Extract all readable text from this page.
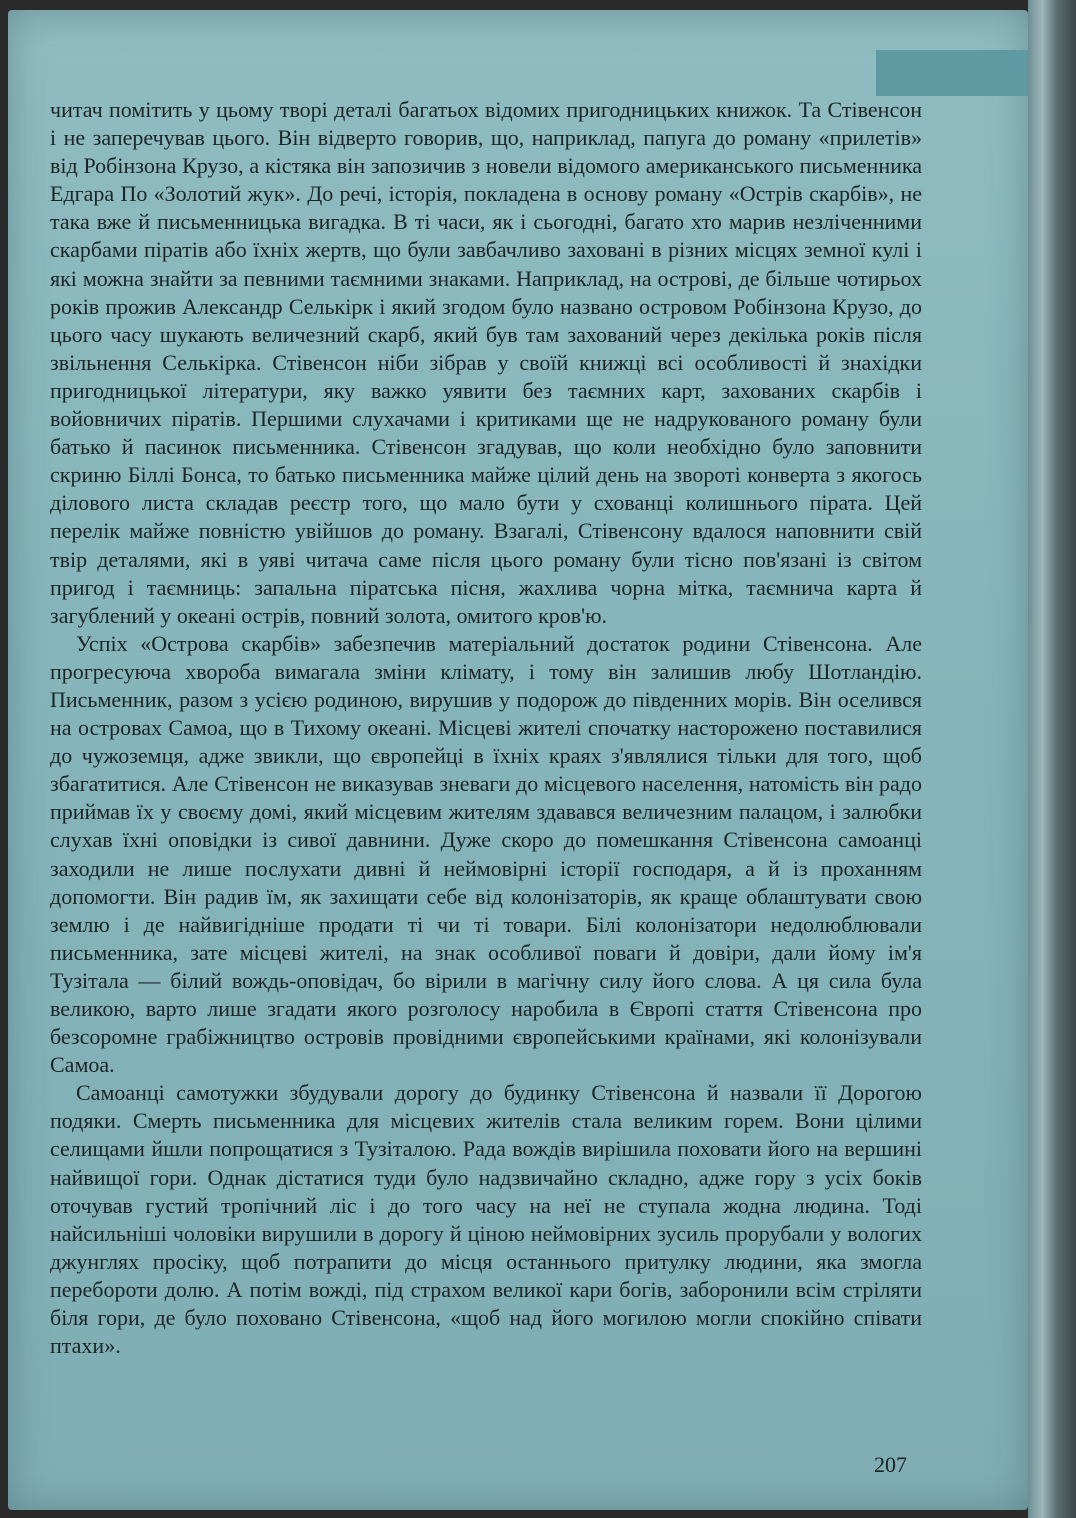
читач помітить у цьому творі деталі багатьох відомих пригодницьких книжок. Та Стівенсон і не заперечував цього. Він відверто говорив, що, наприклад, папуга до роману «прилетів» від Робінзона Крузо, а кістяка він запозичив з новели відомого американського письменника Едгара По «Золотий жук». До речі, історія, покладена в основу роману «Острів скарбів», не така вже й письменницька вигадка. В ті часи, як і сьогодні, багато хто марив незліченними скарбами піратів або їхніх жертв, що були завбачливо заховані в різних місцях земної кулі і які можна знайти за певними таємними знаками. Наприклад, на острові, де більше чотирьох років прожив Александр Селькірк і який згодом було названо островом Робінзона Крузо, до цього часу шукають величезний скарб, який був там захований через декілька років після звільнення Селькірка. Стівенсон ніби зібрав у своїй книжці всі особливості й знахідки пригодницької літератури, яку важко уявити без таємних карт, захованих скарбів і войовничих піратів. Першими слухачами і критиками ще не надрукованого роману були батько й пасинок письменника. Стівенсон згадував, що коли необхідно було заповнити скриню Біллі Бонса, то батько письменника майже цілий день на звороті конверта з якогось ділового листа складав реєстр того, що мало бути у схованці колишнього пірата. Цей перелік майже повністю увійшов до роману. Взагалі, Стівенсону вдалося наповнити свій твір деталями, які в уяві читача саме після цього роману були тісно пов'язані із світом пригод і таємниць: запальна піратська пісня, жахлива чорна мітка, таємнича карта й загублений у океані острів, повний золота, омитого кров'ю.

Успіх «Острова скарбів» забезпечив матеріальний достаток родини Стівенсона. Але прогресуюча хвороба вимагала зміни клімату, і тому він залишив любу Шотландію. Письменник, разом з усією родиною, вирушив у подорож до південних морів. Він оселився на островах Самоа, що в Тихому океані. Місцеві жителі спочатку насторожено поставилися до чужоземця, адже звикли, що європейці в їхніх краях з'являлися тільки для того, щоб збагатитися. Але Стівенсон не виказував зневаги до місцевого населення, натомість він радо приймав їх у своєму домі, який місцевим жителям здавався величезним палацом, і залюбки слухав їхні оповідки із сивої давнини. Дуже скоро до помешкання Стівенсона самоанці заходили не лише послухати дивні й неймовірні історії господаря, а й із проханням допомогти. Він радив їм, як захищати себе від колонізаторів, як краще облаштувати свою землю і де найвигідніше продати ті чи ті товари. Білі колонізатори недолюблювали письменника, зате місцеві жителі, на знак особливої поваги й довіри, дали йому ім'я Тузітала — білий вождь-оповідач, бо вірили в магічну силу його слова. А ця сила була великою, варто лише згадати якого розголосу наробила в Європі стаття Стівенсона про безсоромне грабіжництво островів провідними європейськими країнами, які колонізували Самоа.

Самоанці самотужки збудували дорогу до будинку Стівенсона й назвали її Дорогою подяки. Смерть письменника для місцевих жителів стала великим горем. Вони цілими селищами йшли попрощатися з Тузіталою. Рада вождів вирішила поховати його на вершині найвищої гори. Однак дістатися туди було надзвичайно складно, адже гору з усіх боків оточував густий тропічний ліс і до того часу на неї не ступала жодна людина. Тоді найсильніші чоловіки вирушили в дорогу й ціною неймовірних зусиль прорубали у вологих джунглях просіку, щоб потрапити до місця останнього притулку людини, яка змогла перебороти долю. А потім вожді, під страхом великої кари богів, заборонили всім стріляти біля гори, де було поховано Стівенсона, «щоб над його могилою могли спокійно співати птахи».

207
